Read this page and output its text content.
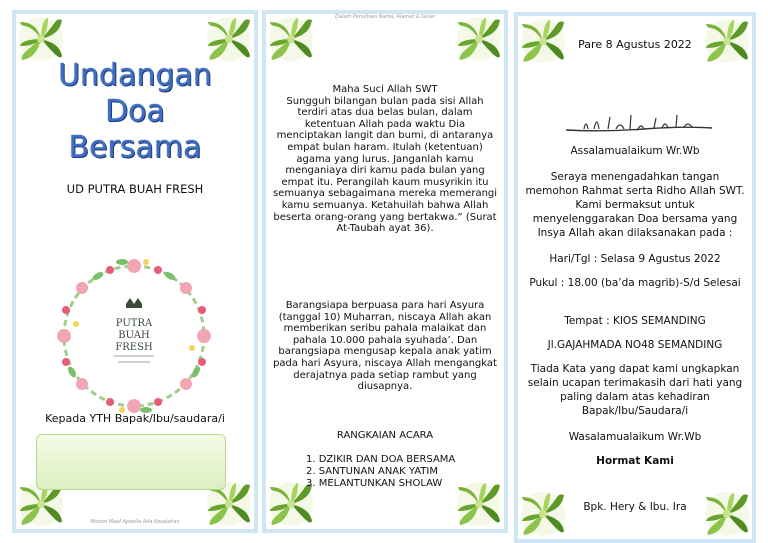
Undangan
Doa
Bersama
UD PUTRA BUAH FRESH
PUTRA
BUAH
FRESH
Kepada YTH Bapak/Ibu/saudara/i
Mohon Maaf Apabila Ada Kesalahan
Dalam Penulisan Nama, Alamat & Gelar
Maha Suci Allah SWT
Sungguh bilangan bulan pada sisi Allah terdiri atas dua belas bulan, dalam ketentuan Allah pada waktu Dia menciptakan langit dan bumi, di antaranya empat bulan haram. Itulah (ketentuan) agama yang lurus. Janganlah kamu menganiaya diri kamu pada bulan yang empat itu. Perangilah kaum musyrikin itu semuanya sebagaimana mereka memerangi kamu semuanya. Ketahuilah bahwa Allah beserta orang-orang yang bertakwa.” (Surat At-Taubah ayat 36).
Barangsiapa berpuasa para hari Asyura (tanggal 10) Muharran, niscaya Allah akan memberikan seribu pahala malaikat dan pahala 10.000 pahala syuhada’. Dan barangsiapa mengusap kepala anak yatim pada hari Asyura, niscaya Allah mengangkat derajatnya pada setiap rambut yang diusapnya.
RANGKAIAN ACARA
1. DZIKIR DAN DOA BERSAMA
2. SANTUNAN ANAK YATIM
3. MELANTUNKAN SHOLAW
Pare 8 Agustus 2022
Assalamualaikum Wr.Wb
Seraya menengadahkan tangan memohon Rahmat serta Ridho Allah SWT. Kami bermaksut untuk menyelenggarakan Doa bersama yang Insya Allah akan dilaksanakan pada :
Hari/Tgl : Selasa 9 Agustus 2022
Pukul : 18.00 (ba’da magrib)-S/d Selesai
Tempat : KIOS SEMANDING
Jl.GAJAHMADA NO48 SEMANDING
Tiada Kata yang dapat kami ungkapkan selain ucapan terimakasih dari hati yang paling dalam atas kehadiran Bapak/Ibu/Saudara/i
Wasalamualaikum Wr.Wb
Hormat Kami
Bpk. Hery & Ibu. Ira
